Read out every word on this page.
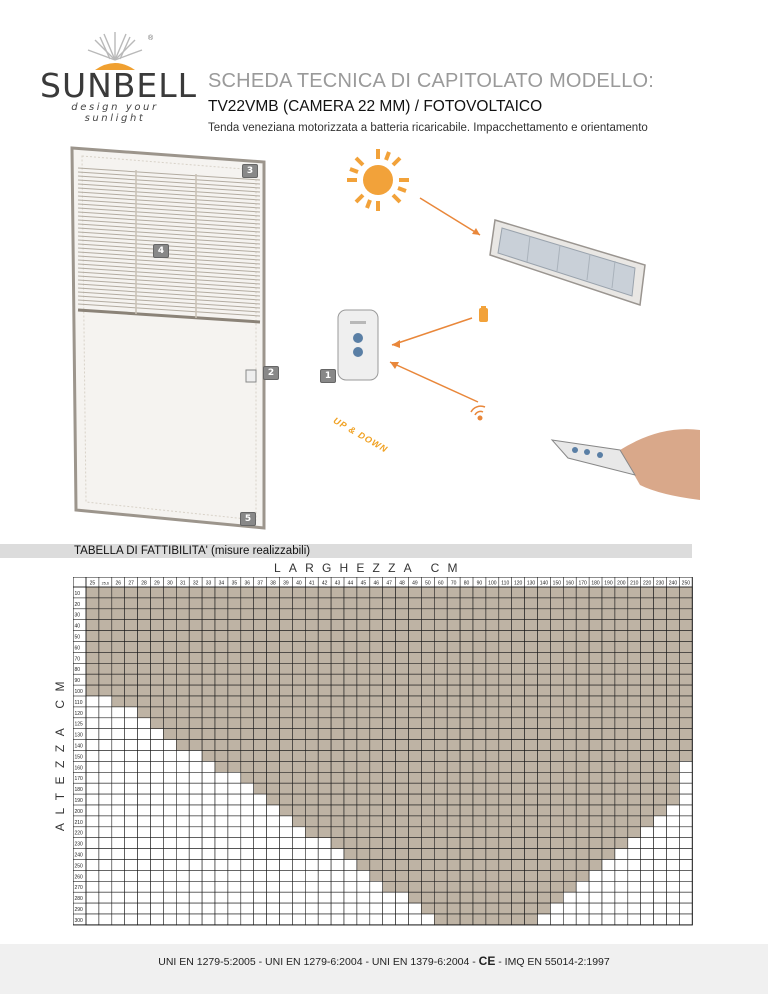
®
SUNBELL
design your sunlight
SCHEDA TECNICA DI CAPITOLATO MODELLO:
TV22VMB (CAMERA 22 MM) / FOTOVOLTAICO
Tenda veneziana motorizzata a batteria ricaricabile. Impacchettamento e orientamento
UP & DOWN
3
4
2	1
5
TABELLA DI FATTIBILITA' (misure realizzabili)
LARGHEZZA CM
ALTEZZA CM
25 25,6 26 27 28 29 30 31 32 33 34 35 36 37 38 39 40 41 42 43 44 45 46 47 48 49 50 60 70 80 90 100 110 120 130 140 150 160 170 180 190 200 210 220 230 240 250
10
20
30
40
50
60
70
80
90
100
110
120
125
130
140
150
160
170
180
190
200
210
220
230
240
250
260
270
280
290
300
UNI EN 1279-5:2005 - UNI EN 1279-6:2004 - UNI EN 1379-6:2004 - CE - IMQ EN 55014-2:1997
